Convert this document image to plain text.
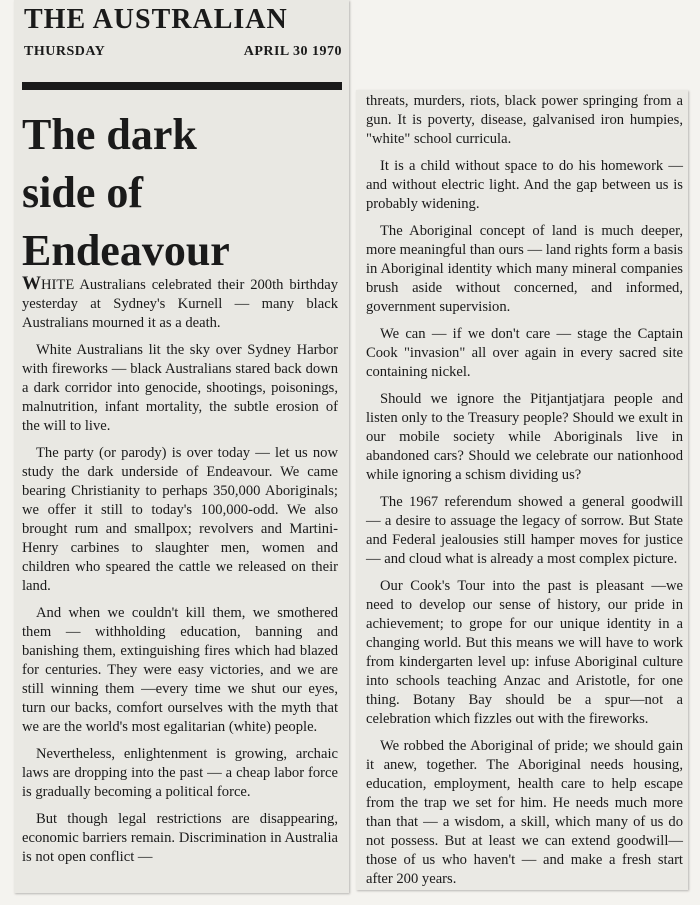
THE AUSTRALIAN
THURSDAY	APRIL 30 1970
The dark
side of
Endeavour

WHITE Australians celebrated their 200th birthday yesterday at Sydney's Kurnell — many black Australians mourned it as a death.

White Australians lit the sky over Sydney Harbor with fireworks — black Australians stared back down a dark corridor into genocide, shootings, poisonings, malnutrition, infant mortality, the subtle erosion of the will to live.

The party (or parody) is over today — let us now study the dark underside of Endeavour. We came bearing Christianity to perhaps 350,000 Aboriginals; we offer it still to today's 100,000-odd. We also brought rum and smallpox; revolvers and Martini-Henry carbines to slaughter men, women and children who speared the cattle we released on their land.

And when we couldn't kill them, we smothered them — withholding education, banning and banishing them, extinguishing fires which had blazed for centuries. They were easy victories, and we are still winning them —every time we shut our eyes, turn our backs, comfort ourselves with the myth that we are the world's most egalitarian (white) people.

Nevertheless, enlightenment is growing, archaic laws are dropping into the past — a cheap labor force is gradually becoming a political force.

But though legal restrictions are disappearing, economic barriers remain. Discrimination in Australia is not open conflict —

threats, murders, riots, black power springing from a gun. It is poverty, disease, galvanised iron humpies, "white" school curricula.

It is a child without space to do his homework — and without electric light. And the gap between us is probably widening.

The Aboriginal concept of land is much deeper, more meaningful than ours — land rights form a basis in Aboriginal identity which many mineral companies brush aside without concerned, and informed, government supervision.

We can — if we don't care — stage the Captain Cook "invasion" all over again in every sacred site containing nickel.

Should we ignore the Pitjantjatjara people and listen only to the Treasury people? Should we exult in our mobile society while Aboriginals live in abandoned cars? Should we celebrate our nationhood while ignoring a schism dividing us?

The 1967 referendum showed a general goodwill — a desire to assuage the legacy of sorrow. But State and Federal jealousies still hamper moves for justice — and cloud what is already a most complex picture.

Our Cook's Tour into the past is pleasant —we need to develop our sense of history, our pride in achievement; to grope for our unique identity in a changing world. But this means we will have to work from kindergarten level up: infuse Aboriginal culture into schools teaching Anzac and Aristotle, for one thing. Botany Bay should be a spur—not a celebration which fizzles out with the fireworks.

We robbed the Aboriginal of pride; we should gain it anew, together. The Aboriginal needs housing, education, employment, health care to help escape from the trap we set for him. He needs much more than that — a wisdom, a skill, which many of us do not possess. But at least we can extend goodwill— those of us who haven't — and make a fresh start after 200 years.
